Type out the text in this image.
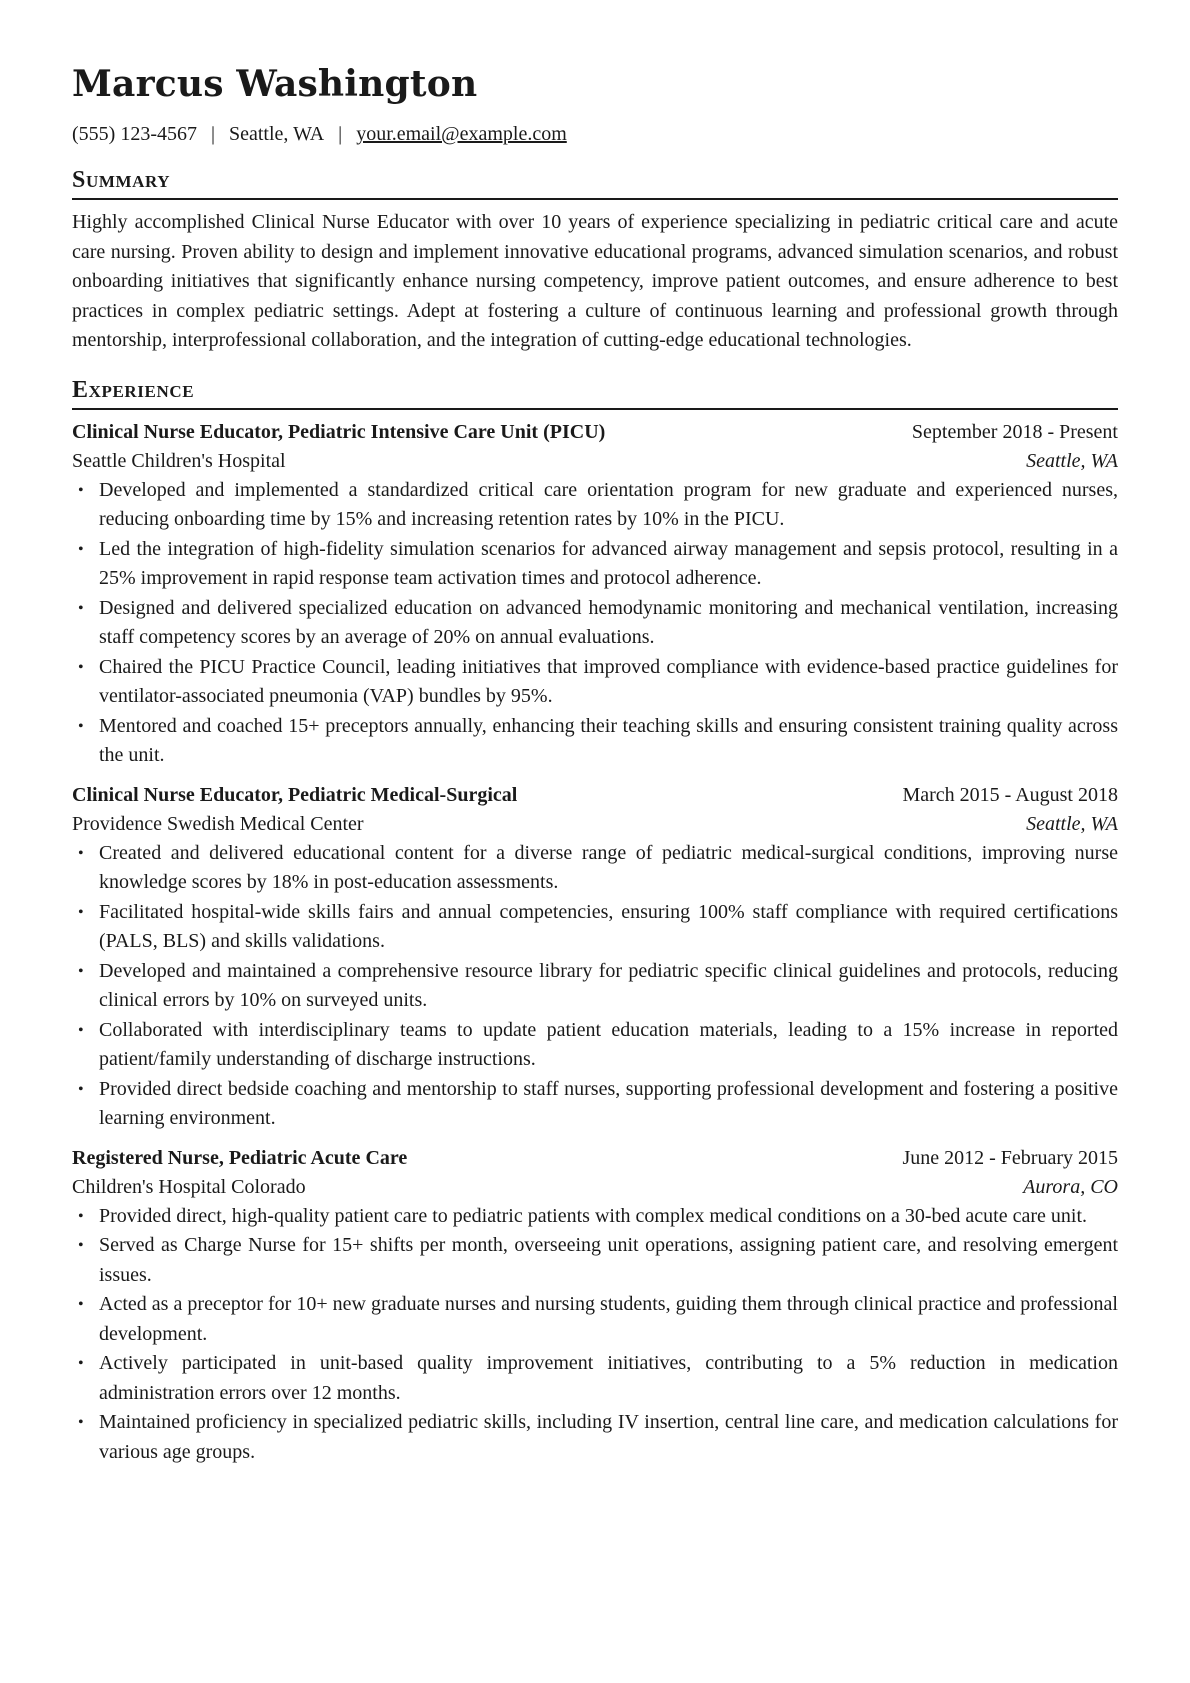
Marcus Washington
(555) 123-4567 | Seattle, WA | your.email@example.com
Summary

Highly accomplished Clinical Nurse Educator with over 10 years of experience specializing in pediatric critical care and acute care nursing. Proven ability to design and implement innovative educational programs, advanced simulation scenarios, and robust onboarding initiatives that significantly enhance nursing competency, improve patient outcomes, and ensure adherence to best practices in complex pediatric settings. Adept at fostering a culture of continuous learning and professional growth through mentorship, interprofessional collaboration, and the integration of cutting-edge educational technologies.

Experience
Clinical Nurse Educator, Pediatric Intensive Care Unit (PICU)	September 2018 - Present
Seattle Children's Hospital	Seattle, WA
• Developed and implemented a standardized critical care orientation program for new graduate and experienced nurses, reducing onboarding time by 15% and increasing retention rates by 10% in the PICU.
• Led the integration of high-fidelity simulation scenarios for advanced airway management and sepsis protocol, resulting in a 25% improvement in rapid response team activation times and protocol adherence.
• Designed and delivered specialized education on advanced hemodynamic monitoring and mechanical ventilation, increasing staff competency scores by an average of 20% on annual evaluations.
• Chaired the PICU Practice Council, leading initiatives that improved compliance with evidence-based practice guidelines for ventilator-associated pneumonia (VAP) bundles by 95%.
• Mentored and coached 15+ preceptors annually, enhancing their teaching skills and ensuring consistent training quality across the unit.
Clinical Nurse Educator, Pediatric Medical-Surgical	March 2015 - August 2018
Providence Swedish Medical Center	Seattle, WA
• Created and delivered educational content for a diverse range of pediatric medical-surgical conditions, improving nurse knowledge scores by 18% in post-education assessments.
• Facilitated hospital-wide skills fairs and annual competencies, ensuring 100% staff compliance with required certifications (PALS, BLS) and skills validations.
• Developed and maintained a comprehensive resource library for pediatric specific clinical guidelines and protocols, reducing clinical errors by 10% on surveyed units.
• Collaborated with interdisciplinary teams to update patient education materials, leading to a 15% increase in reported patient/family understanding of discharge instructions.
• Provided direct bedside coaching and mentorship to staff nurses, supporting professional development and fostering a positive learning environment.
Registered Nurse, Pediatric Acute Care	June 2012 - February 2015
Children's Hospital Colorado	Aurora, CO
• Provided direct, high-quality patient care to pediatric patients with complex medical conditions on a 30-bed acute care unit.
• Served as Charge Nurse for 15+ shifts per month, overseeing unit operations, assigning patient care, and resolving emergent issues.
• Acted as a preceptor for 10+ new graduate nurses and nursing students, guiding them through clinical practice and professional development.
• Actively participated in unit-based quality improvement initiatives, contributing to a 5% reduction in medication administration errors over 12 months.
• Maintained proficiency in specialized pediatric skills, including IV insertion, central line care, and medication calculations for various age groups.
